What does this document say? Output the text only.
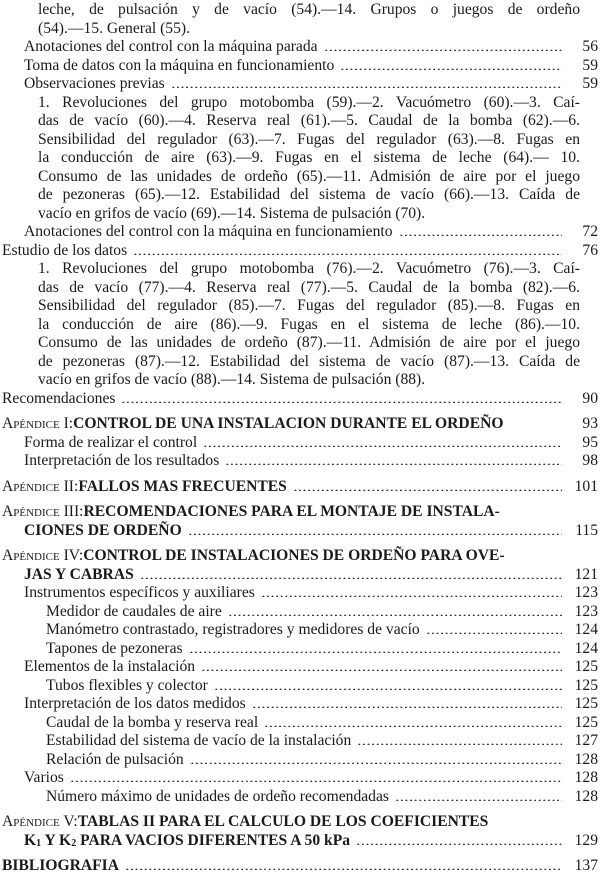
leche, de pulsación y de vacío (54).—14. Grupos o juegos de ordeño
(54).—15. General (55).
Anotaciones del control con la máquina parada	56
Toma de datos con la máquina en funcionamiento	59
Observaciones previas	59
1. Revoluciones del grupo motobomba (59).—2. Vacuómetro (60).—3. Caí-
das de vacío (60).—4. Reserva real (61).—5. Caudal de la bomba (62).—6.
Sensibilidad del regulador (63).—7. Fugas del regulador (63).—8. Fugas en
la conducción de aire (63).—9. Fugas en el sistema de leche (64).— 10.
Consumo de las unidades de ordeño (65).—11. Admisión de aire por el juego
de pezoneras (65).—12. Estabilidad del sistema de vacío (66).—13. Caída de
vacío en grifos de vacío (69).—14. Sistema de pulsación (70).
Anotaciones del control con la máquina en funcionamiento	72
Estudio de los datos	76
1. Revoluciones del grupo motobomba (76).—2. Vacuómetro (76).—3. Caí-
das de vacío (77).—4. Reserva real (77).—5. Caudal de la bomba (82).—6.
Sensibilidad del regulador (85).—7. Fugas del regulador (85).—8. Fugas en
la conducción de aire (86).—9. Fugas en el sistema de leche (86).—10.
Consumo de las unidades de ordeño (87).—11. Admisión de aire por el juego
de pezoneras (87).—12. Estabilidad del sistema de vacío (87).—13. Caída de
vacío en grifos de vacío (88).—14. Sistema de pulsación (88).
Recomendaciones	90
Apéndice I: CONTROL DE UNA INSTALACION DURANTE EL ORDEÑO	93
Forma de realizar el control	95
Interpretación de los resultados	98
Apéndice II: FALLOS MAS FRECUENTES	101
Apéndice III: RECOMENDACIONES PARA EL MONTAJE DE INSTALA-
CIONES DE ORDEÑO	115
Apéndice IV: CONTROL DE INSTALACIONES DE ORDEÑO PARA OVE-
JAS Y CABRAS	121
Instrumentos específicos y auxiliares	123
Medidor de caudales de aire	123
Manómetro contrastado, registradores y medidores de vacío	124
Tapones de pezoneras	124
Elementos de la instalación	125
Tubos flexibles y colector	125
Interpretación de los datos medidos	125
Caudal de la bomba y reserva real	125
Estabilidad del sistema de vacío de la instalación	127
Relación de pulsación	128
Varios	128
Número máximo de unidades de ordeño recomendadas	128
Apéndice V: TABLAS II PARA EL CALCULO DE LOS COEFICIENTES
$K_1$ Y $K_2$ PARA VACIOS DIFERENTES A 50 kPa	129
BIBLIOGRAFIA	137
